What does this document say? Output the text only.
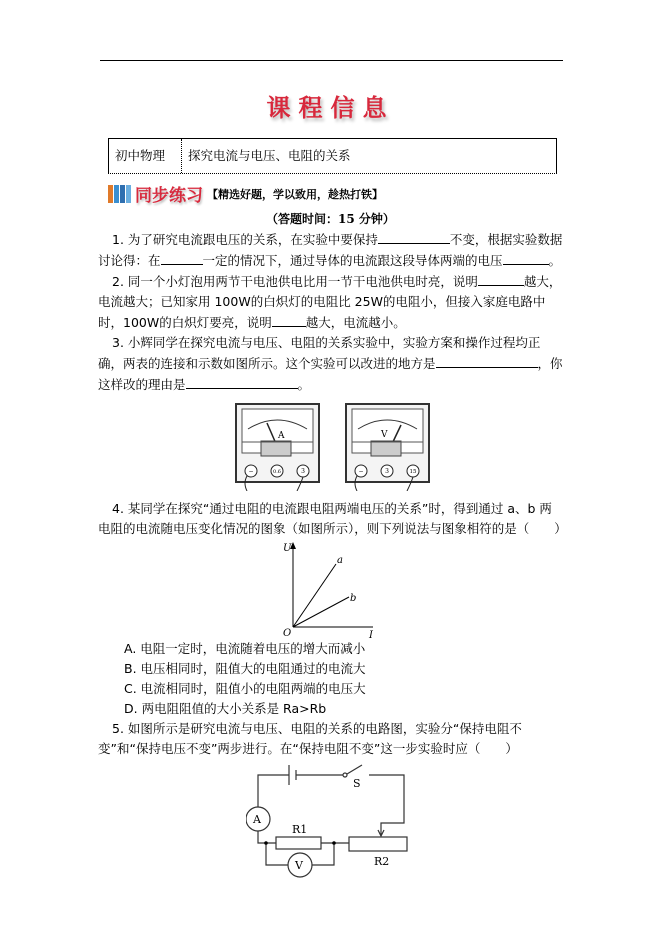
课程信息
初中物理	探究电流与电压、电阻的关系
同步练习 【精选好题，学以致用，趁热打铁】
（答题时间：15 分钟）

1. 为了研究电流跟电压的关系，在实验中要保持	不变，根据实验数据讨论得：在	一定的情况下，通过导体的电流跟这段导体两端的电压	。

2. 同一个小灯泡用两节干电池供电比用一节干电池供电时亮，说明	越大，电流越大；已知家用 100W的白炽灯的电阻比 25W的电阻小，但接入家庭电路中时，100W的白炽灯要亮，说明	越大，电流越小。

3. 小辉同学在探究电流与电压、电阻的关系实验中，实验方案和操作过程均正确，两表的连接和示数如图所示。这个实验可以改进的地方是	，你这样改的理由是	。

A
−	0.6	3
V
−	3	15

4. 某同学在探究“通过电阻的电流跟电阻两端电压的关系”时，得到通过 a、b 两电阻的电流随电压变化情况的图象（如图所示），则下列说法与图象相符的是（　　）

U
I
O
a
b

A. 电阻一定时，电流随着电压的增大而减小

B. 电压相同时，阻值大的电阻通过的电流大

C. 电流相同时，阻值小的电阻两端的电压大

D. 两电阻阻值的大小关系是 Ra>Rb

5. 如图所示是研究电流与电压、电阻的关系的电路图，实验分“保持电阻不变”和“保持电压不变”两步进行。在“保持电阻不变”这一步实验时应（　　）

S
A
V
R1
R2
